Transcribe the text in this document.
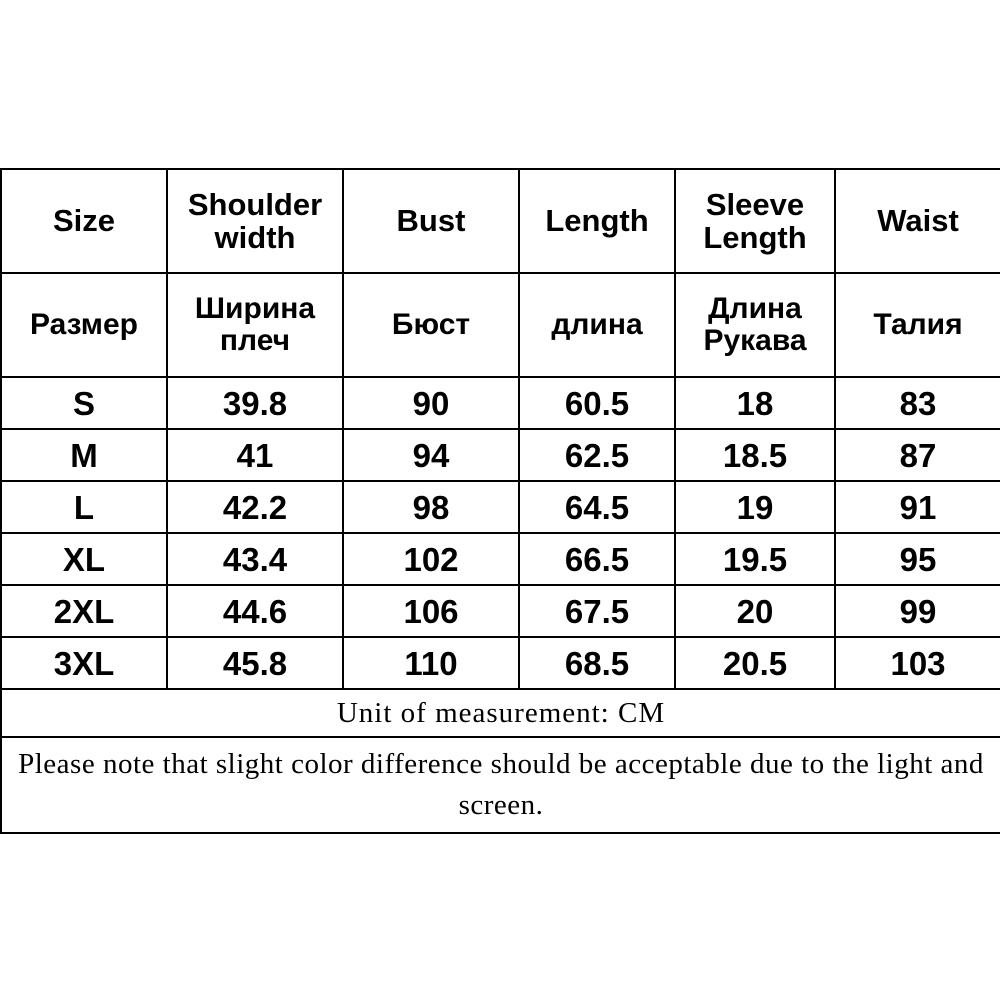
Size	Shoulder width	Bust	Length	Sleeve Length	Waist
Размер	Ширина плеч	Бюст	длина	Длина Рукава	Талия
S	39.8	90	60.5	18	83
M	41	94	62.5	18.5	87
L	42.2	98	64.5	19	91
XL	43.4	102	66.5	19.5	95
2XL	44.6	106	67.5	20	99
3XL	45.8	110	68.5	20.5	103
Unit of measurement: CM					
Please note that slight color difference should be acceptable due to the light and screen.					
